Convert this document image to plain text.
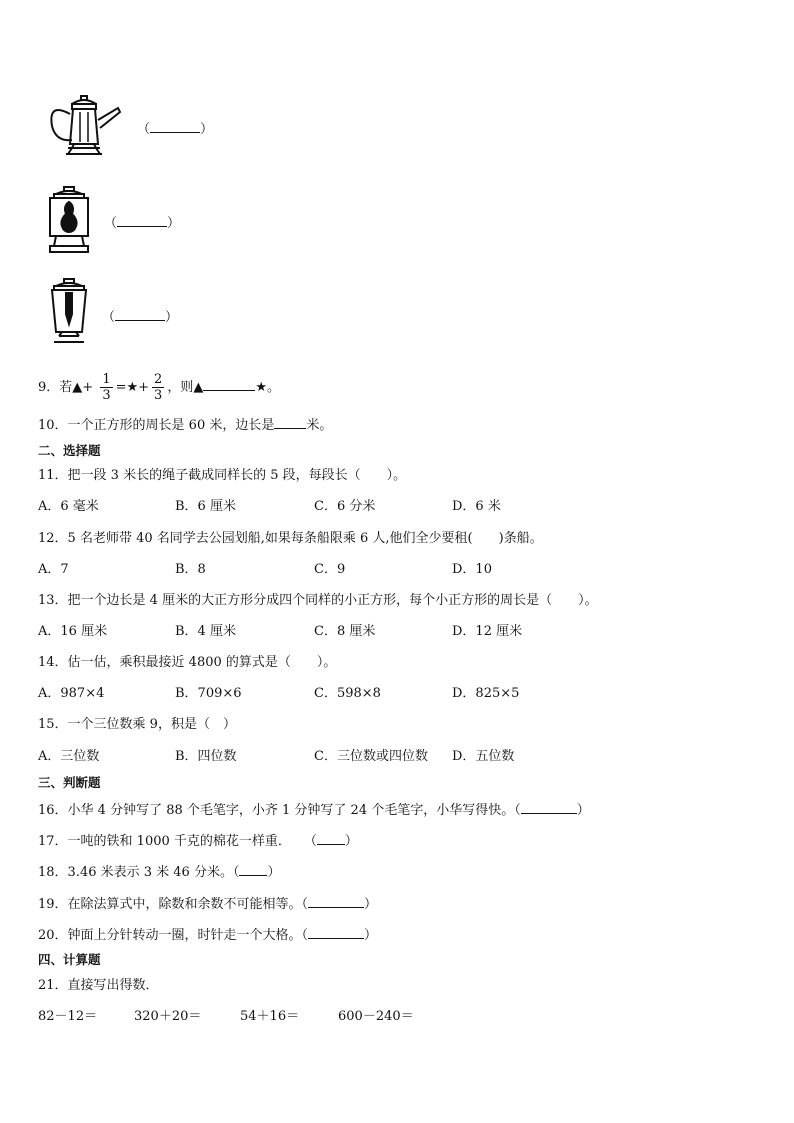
（	）
（	）
（	）
9．若▲+ $\frac{1}{3}$ =★+ $\frac{2}{3}$ ，则▲	★。
10．一个正方形的周长是 60 米，边长是 米。
二、选择题
11．把一段 3 米长的绳子截成同样长的 5 段，每段长（　　）。
A．6 毫米	B．6 厘米	C．6 分米	D．6 米
12．5 名老师带 40 名同学去公园划船,如果每条船限乘 6 人,他们全少要租(　　)条船。
A．7	B．8	C．9	D．10
13．把一个边长是 4 厘米的大正方形分成四个同样的小正方形，每个小正方形的周长是（　　）。
A．16 厘米	B．4 厘米	C．8 厘米	D．12 厘米
14．估一估，乘积最接近 4800 的算式是（　　）。
A．987×4	B．709×6	C．598×8	D．825×5
15．一个三位数乘 9，积是（　）
A．三位数	B．四位数	C．三位数或四位数 D．五位数
三、判断题
16．小华 4 分钟写了 88 个毛笔字，小齐 1 分钟写了 24 个毛笔字，小华写得快。（	）
17．一吨的铁和 1000 千克的棉花一样重．　　（ ）
18．3.46 米表示 3 米 46 分米。（ ）
19．在除法算式中，除数和余数不可能相等。（	）
20．钟面上分针转动一圈，时针走一个大格。（	）
四、计算题
21．直接写出得数．
82－12＝	320＋20＝	54＋16＝	600－240＝
